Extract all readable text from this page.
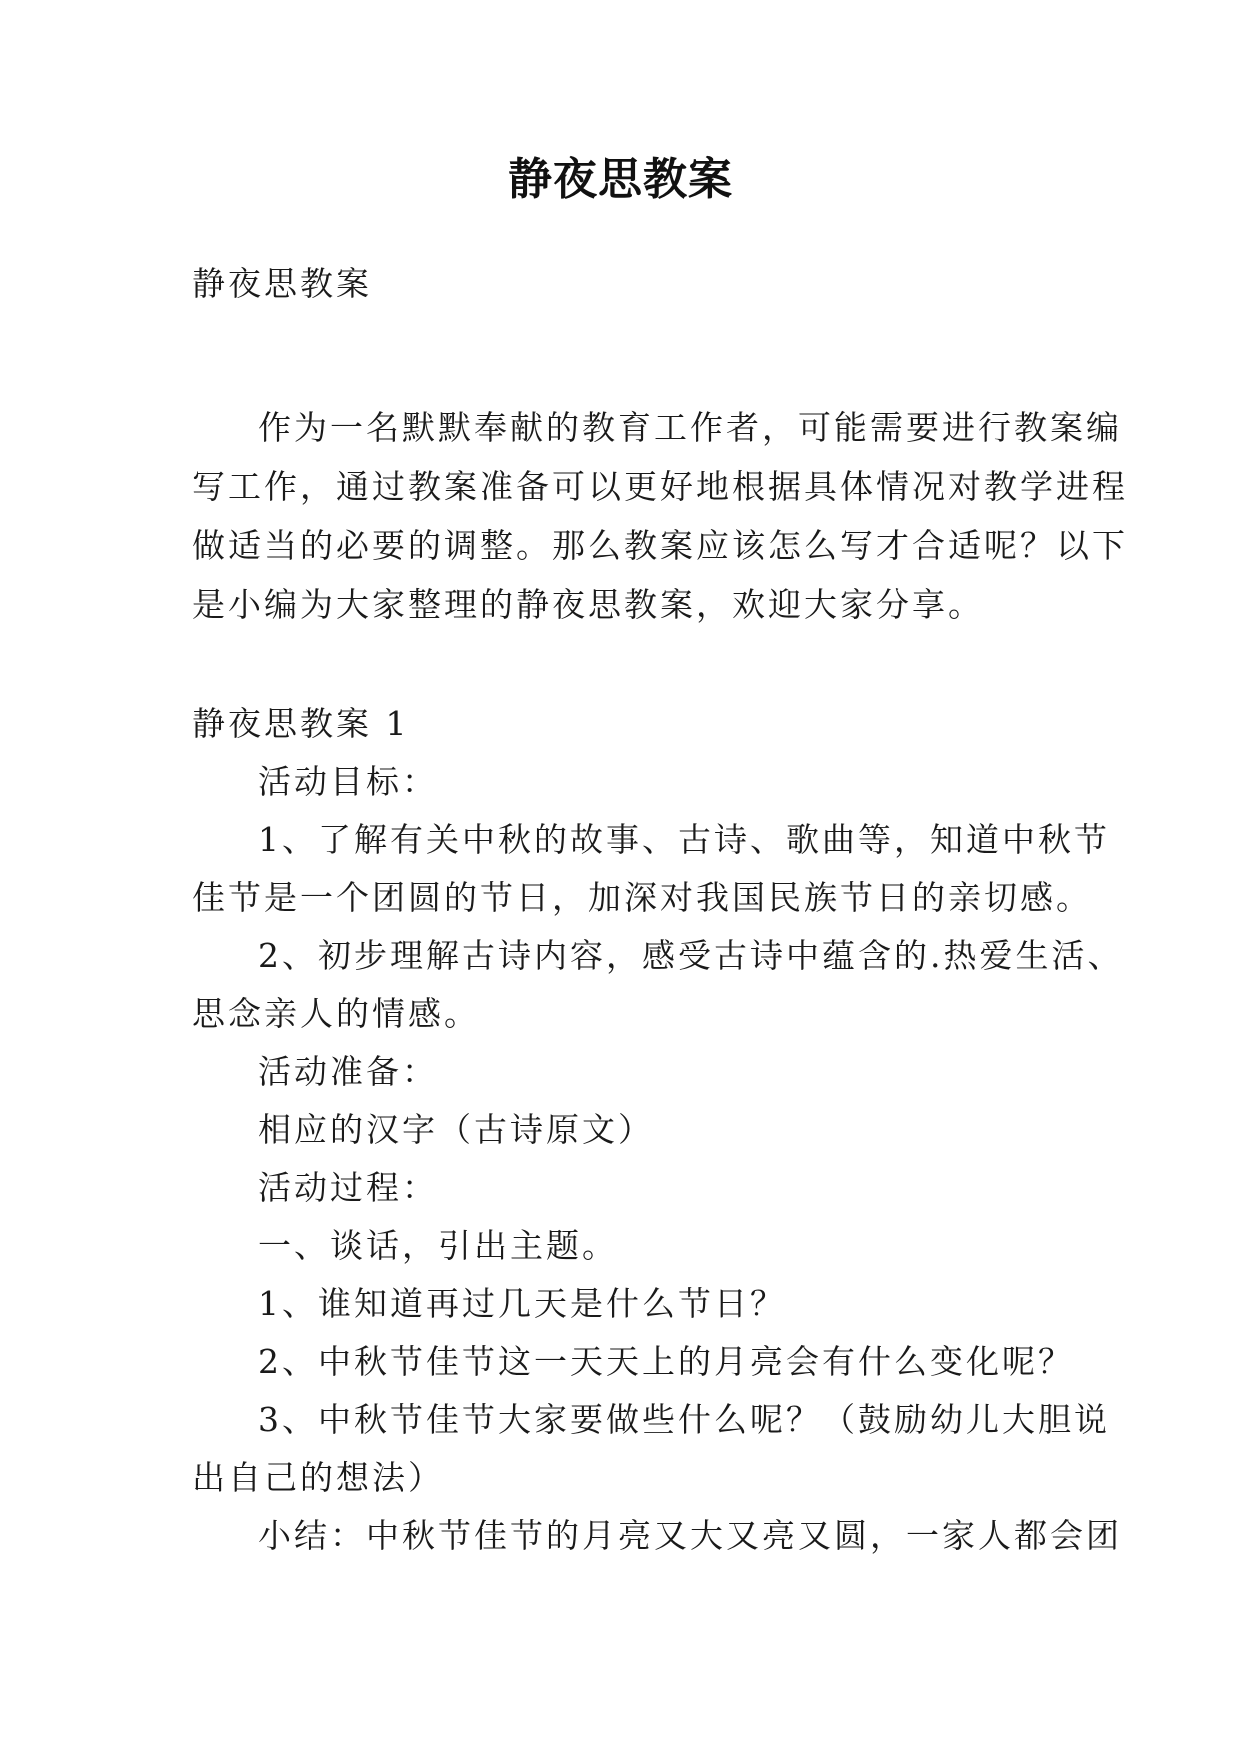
静夜思教案
静夜思教案
作为一名默默奉献的教育工作者，可能需要进行教案编
写工作，通过教案准备可以更好地根据具体情况对教学进程
做适当的必要的调整。那么教案应该怎么写才合适呢？以下
是小编为大家整理的静夜思教案，欢迎大家分享。
静夜思教案 1
活动目标：
1、了解有关中秋的故事、古诗、歌曲等，知道中秋节
佳节是一个团圆的节日，加深对我国民族节日的亲切感。
2、初步理解古诗内容，感受古诗中蕴含的.热爱生活、
思念亲人的情感。
活动准备：
相应的汉字（古诗原文）
活动过程：
一、谈话，引出主题。
1、谁知道再过几天是什么节日？
2、中秋节佳节这一天天上的月亮会有什么变化呢？
3、中秋节佳节大家要做些什么呢？（鼓励幼儿大胆说
出自己的想法）
小结：中秋节佳节的月亮又大又亮又圆，一家人都会团
